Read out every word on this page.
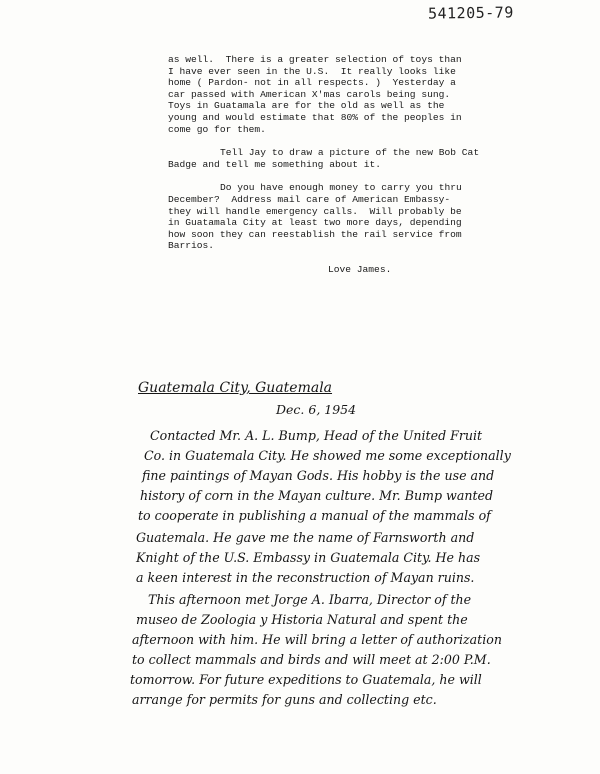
541205-79
as well.  There is a greater selection of toys than
I have ever seen in the U.S.  It really looks like
home ( Pardon- not in all respects. )  Yesterday a
car passed with American X'mas carols being sung.
Toys in Guatamala are for the old as well as the
young and would estimate that 80% of the peoples in
come go for them.
Tell Jay to draw a picture of the new Bob Cat
Badge and tell me something about it.
Do you have enough money to carry you thru
December?  Address mail care of American Embassy-
they will handle emergency calls.  Will probably be
in Guatamala City at least two more days, depending
how soon they can reestablish the rail service from
Barrios.
Love James.
Guatemala City, Guatemala
Dec. 6, 1954
Contacted Mr. A. L. Bump, Head of the United Fruit
Co. in Guatemala City. He showed me some exceptionally
fine paintings of Mayan Gods. His hobby is the use and
history of corn in the Mayan culture. Mr. Bump wanted
to cooperate in publishing a manual of the mammals of
Guatemala. He gave me the name of Farnsworth and
Knight of the U.S. Embassy in Guatemala City. He has
a keen interest in the reconstruction of Mayan ruins.
This afternoon met Jorge A. Ibarra, Director of the
museo de Zoologia y Historia Natural and spent the
afternoon with him. He will bring a letter of authorization
to collect mammals and birds and will meet at 2:00 P.M.
tomorrow. For future expeditions to Guatemala, he will
arrange for permits for guns and collecting etc.
